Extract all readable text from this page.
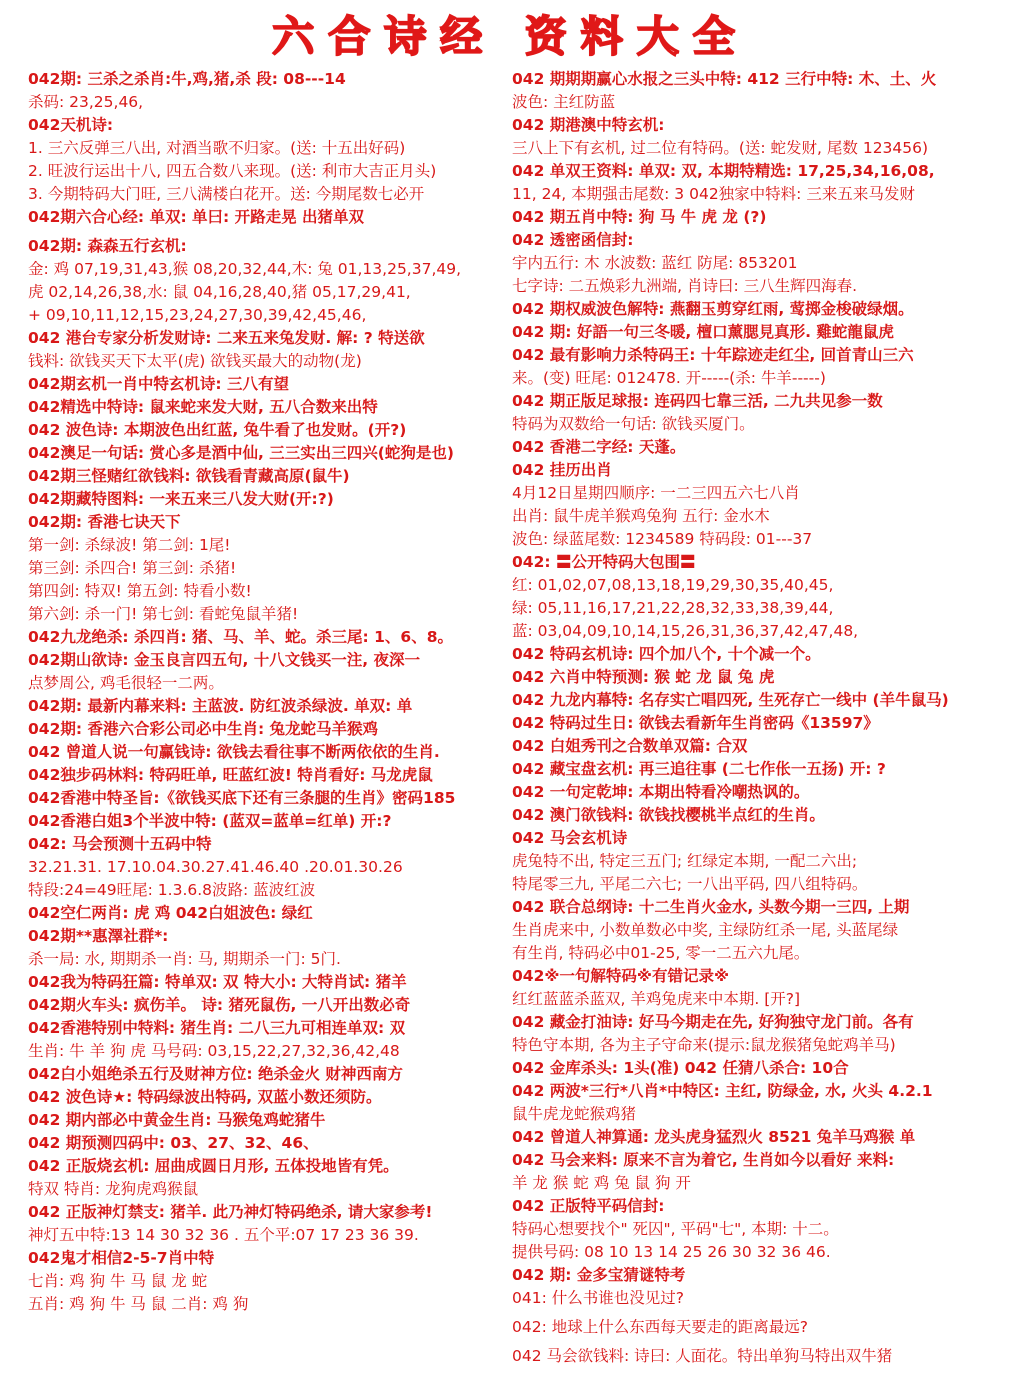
六合诗经 资料大全
042期: 三杀之杀肖:牛,鸡,猪,杀 段: 08---14
杀码: 23,25,46,
042天机诗:
1. 三六反弹三八出, 对酒当歌不归家。(送: 十五出好码)
2. 旺波行运出十八, 四五合数八来现。(送: 利市大吉正月头)
3. 今期特码大门旺, 三八满楼白花开。送: 今期尾数七必开
042期六合心经: 单双: 单曰: 开路走晃 出猪单双
042期: 森森五行玄机:
金: 鸡 07,19,31,43,猴 08,20,32,44,木: 兔 01,13,25,37,49,
虎 02,14,26,38,水: 鼠 04,16,28,40,猪 05,17,29,41,
+ 09,10,11,12,15,23,24,27,30,39,42,45,46,
042 港台专家分析发财诗: 二来五来兔发财. 解: ? 特送欲
钱料: 欲钱买天下太平(虎) 欲钱买最大的动物(龙)
042期玄机一肖中特玄机诗: 三八有望
042精选中特诗: 鼠来蛇来发大财, 五八合数来出特
042 波色诗: 本期波色出红蓝, 兔牛看了也发财。(开?)
042澳足一句话: 赏心多是酒中仙, 三三实出三四兴(蛇狗是也)
042期三怪赌红欲钱料: 欲钱看青藏高原(鼠牛)
042期藏特图料: 一来五来三八发大财(开:?)
042期: 香港七诀天下
第一剑: 杀绿波! 第二剑: 1尾!
第三剑: 杀四合! 第三剑: 杀猪!
第四剑: 特双! 第五剑: 特看小数!
第六剑: 杀一门! 第七剑: 看蛇兔鼠羊猪!
042九龙绝杀: 杀四肖: 猪、马、羊、蛇。杀三尾: 1、6、8。
042期山欲诗: 金玉良言四五句, 十八文钱买一注, 夜深一
点梦周公, 鸡毛很轻一二两。
042期: 最新内幕来料: 主蓝波. 防红波杀绿波. 单双: 单
042期: 香港六合彩公司必中生肖: 兔龙蛇马羊猴鸡
042 曾道人说一句赢钱诗: 欲钱去看往事不断两依依的生肖.
042独步码林料: 特码旺单, 旺蓝红波! 特肖看好: 马龙虎鼠
042香港中特圣旨:《欲钱买底下还有三条腿的生肖》密码185
042香港白姐3个半波中特: (蓝双=蓝单=红单) 开:?
042: 马会预测十五码中特
32.21.31. 17.10.04.30.27.41.46.40 .20.01.30.26
特段:24=49旺尾: 1.3.6.8波路: 蓝波红波
042空仁两肖: 虎 鸡 042白姐波色: 绿红
042期**惠澤社群*:
杀一局: 水, 期期杀一肖: 马, 期期杀一门: 5门.
042我为特码狂篇: 特单双: 双 特大小: 大特肖试: 猪羊
042期火车头: 疯伤羊。 诗: 猪死鼠伤, 一八开出数必奇
042香港特别中特料: 猪生肖: 二八三九可相连单双: 双
生肖: 牛 羊 狗 虎 马号码: 03,15,22,27,32,36,42,48
042白小姐绝杀五行及财神方位: 绝杀金火 财神西南方
042 波色诗★: 特码绿波出特码, 双蓝小数还须防。
042 期内部必中黄金生肖: 马猴兔鸡蛇猪牛
042 期预测四码中: 03、27、32、46、
042 正版烧玄机: 屈曲成圆日月形, 五体投地皆有凭。
特双 特肖: 龙狗虎鸡猴鼠
042 正版神灯禁支: 猪羊. 此乃神灯特码绝杀, 请大家参考!
神灯五中特:13 14 30 32 36 . 五个平:07 17 23 36 39.
042鬼才相信2-5-7肖中特
七肖: 鸡 狗 牛 马 鼠 龙 蛇
五肖: 鸡 狗 牛 马 鼠 二肖: 鸡 狗
042 期期期赢心水报之三头中特: 412 三行中特: 木、土、火
波色: 主红防蓝
042 期港澳中特玄机:
三八上下有玄机, 过二位有特码。(送: 蛇发财, 尾数 123456)
042 单双王资料: 单双: 双, 本期特精选: 17,25,34,16,08,
11, 24, 本期强击尾数: 3 042独家中特料: 三来五来马发财
042 期五肖中特: 狗 马 牛 虎 龙 (?)
042 透密函信封:
宇内五行: 木 水波数: 蓝红 防尾: 853201
七字诗: 二五焕彩九洲端, 肖诗曰: 三八生辉四海春.
042 期权威波色解特: 燕翻玉剪穿红雨, 莺掷金梭破绿烟。
042 期: 好語一句三冬暖, 檀口薰腮見真形. 雞蛇龍鼠虎
042 最有影响力杀特码王: 十年踪迹走红尘, 回首青山三六
来。(变) 旺尾: 012478. 开-----(杀: 牛羊-----)
042 期正版足球报: 连码四七靠三活, 二九共见参一数
特码为双数给一句话: 欲钱买厦门。
042 香港二字经: 天蓬。
042 挂历出肖
4月12日星期四顺序: 一二三四五六七八肖
出肖: 鼠牛虎羊猴鸡兔狗 五行: 金水木
波色: 绿蓝尾数: 1234589 特码段: 01---37
042: 〓公开特码大包围〓
红: 01,02,07,08,13,18,19,29,30,35,40,45,
绿: 05,11,16,17,21,22,28,32,33,38,39,44,
蓝: 03,04,09,10,14,15,26,31,36,37,42,47,48,
042 特码玄机诗: 四个加八个, 十个减一个。
042 六肖中特预测: 猴 蛇 龙 鼠 兔 虎
042 九龙内幕特: 名存实亡唱四死, 生死存亡一线中 (羊牛鼠马)
042 特码过生日: 欲钱去看新年生肖密码《13597》
042 白姐秀刊之合数单双篇: 合双
042 藏宝盘玄机: 再三追往事 (二七作伥一五扬) 开: ?
042 一句定乾坤: 本期出特看冷嘲热讽的。
042 澳门欲钱料: 欲钱找樱桃半点红的生肖。
042 马会玄机诗
虎兔特不出, 特定三五门; 红绿定本期, 一配二六出;
特尾零三九, 平尾二六七; 一八出平码, 四八组特码。
042 联合总纲诗: 十二生肖火金水, 头数今期一三四, 上期
生肖虎来中, 小数单数必中奖, 主绿防红杀一尾, 头蓝尾绿
有生肖, 特码必中01-25, 零一二五六九尾。
042※一句解特码※有错记录※
红红蓝蓝杀蓝双, 羊鸡兔虎来中本期. [开?]
042 藏金打油诗: 好马今期走在先, 好狗独守龙门前。各有
特色守本期, 各为主子守命来(提示:鼠龙猴猪兔蛇鸡羊马)
042 金库杀头: 1头(准) 042 任猜八杀合: 10合
042 两波*三行*八肖*中特区: 主红, 防绿金, 水, 火头 4.2.1
鼠牛虎龙蛇猴鸡猪
042 曾道人神算通: 龙头虎身猛烈火 8521 兔羊马鸡猴 单
042 马会来料: 原来不言为着它, 生肖如今以看好 来料:
羊 龙 猴 蛇 鸡 兔 鼠 狗 开
042 正版特平码信封:
特码心想要找个" 死囚", 平码"七", 本期: 十二。
提供号码: 08 10 13 14 25 26 30 32 36 46.
042 期: 金多宝猜谜特考
041: 什么书谁也没见过?
042: 地球上什么东西每天要走的距离最远?
042 马会欲钱料: 诗曰: 人面花。特出单狗马特出双牛猪
